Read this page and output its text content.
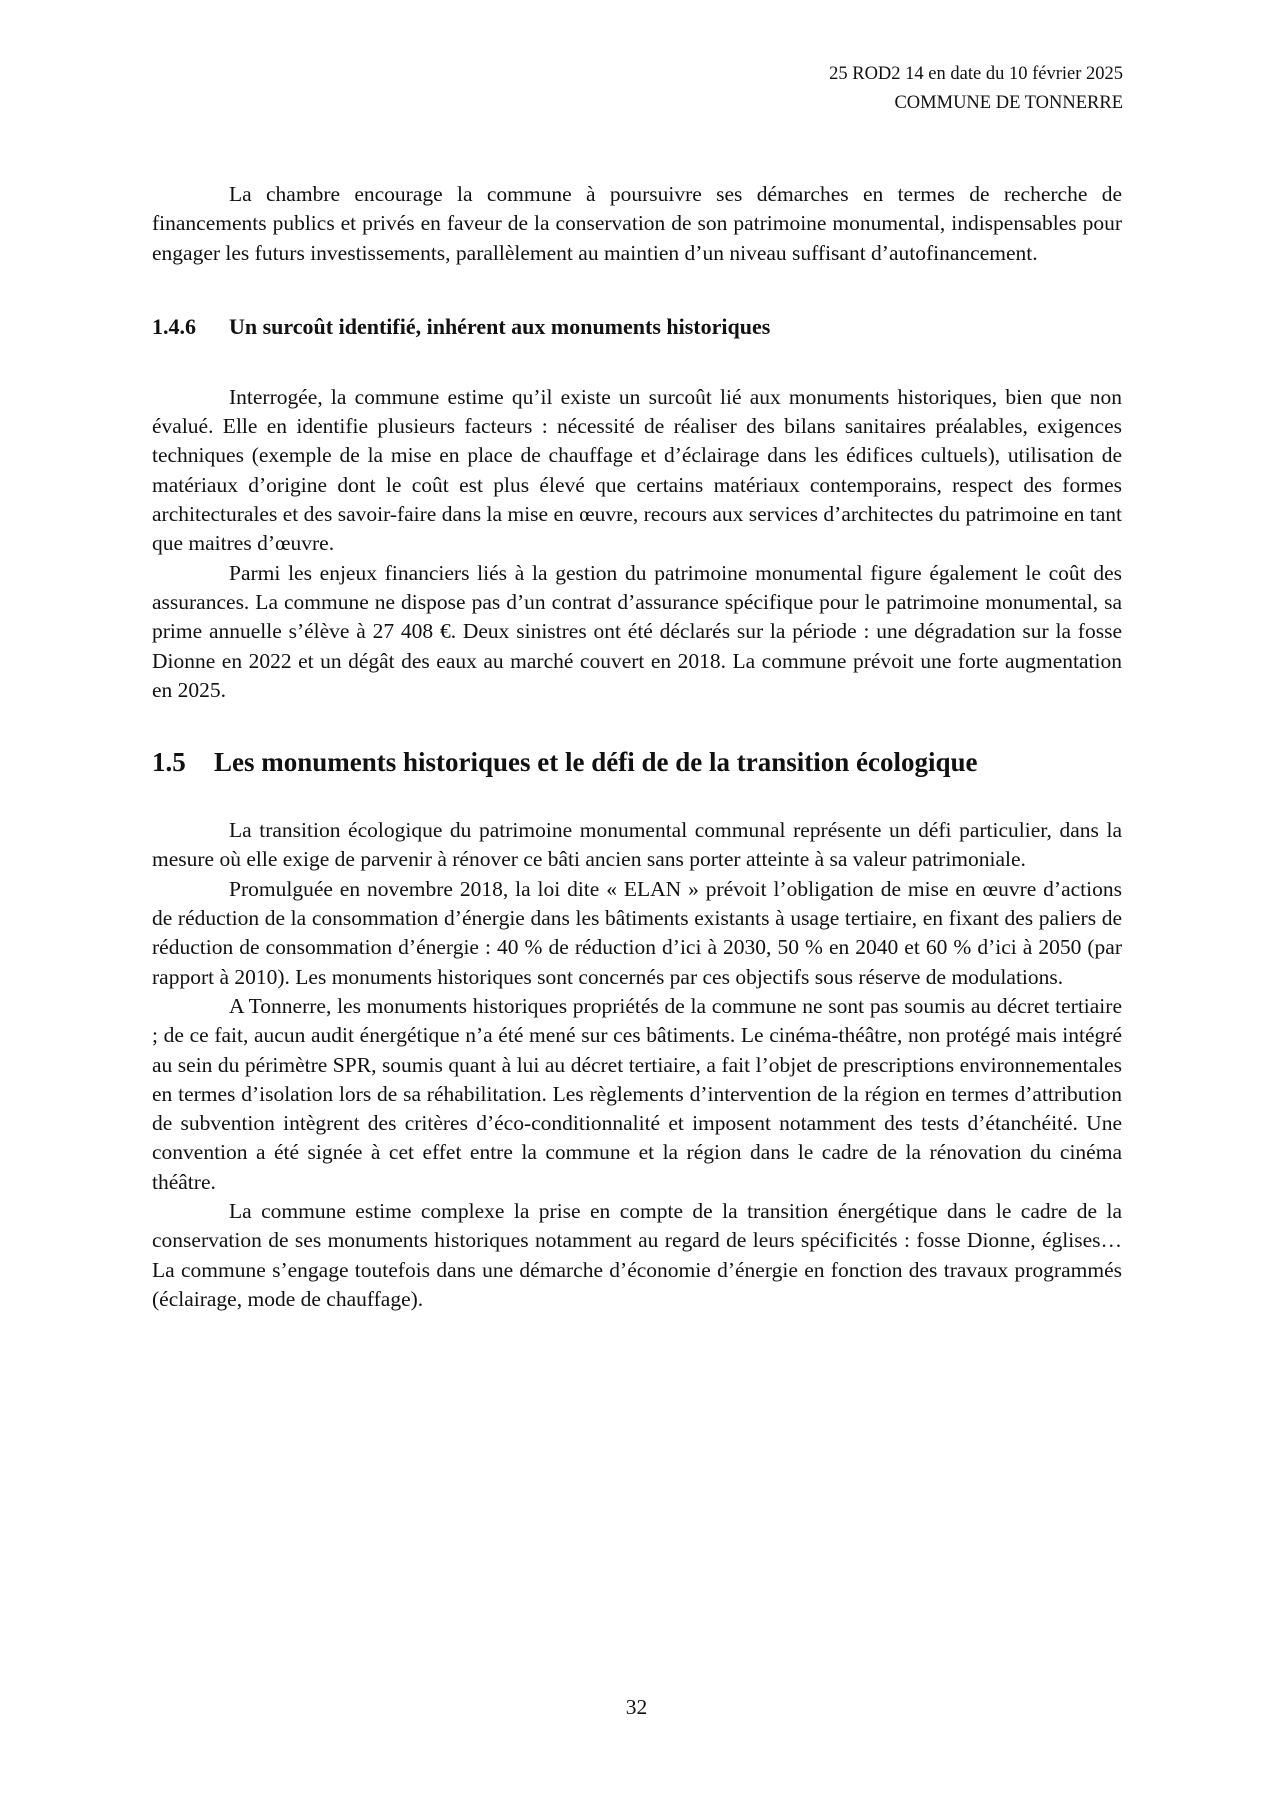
25 ROD2 14 en date du 10 février 2025
COMMUNE DE TONNERRE

La chambre encourage la commune à poursuivre ses démarches en termes de recherche de financements publics et privés en faveur de la conservation de son patrimoine monumental, indispensables pour engager les futurs investissements, parallèlement au maintien d’un niveau suffisant d’autofinancement.

1.4.6 Un surcoût identifié, inhérent aux monuments historiques

Interrogée, la commune estime qu’il existe un surcoût lié aux monuments historiques, bien que non évalué. Elle en identifie plusieurs facteurs : nécessité de réaliser des bilans sanitaires préalables, exigences techniques (exemple de la mise en place de chauffage et d’éclairage dans les édifices cultuels), utilisation de matériaux d’origine dont le coût est plus élevé que certains matériaux contemporains, respect des formes architecturales et des savoir-faire dans la mise en œuvre, recours aux services d’architectes du patrimoine en tant que maitres d’œuvre.

Parmi les enjeux financiers liés à la gestion du patrimoine monumental figure également le coût des assurances. La commune ne dispose pas d’un contrat d’assurance spécifique pour le patrimoine monumental, sa prime annuelle s’élève à 27 408 €. Deux sinistres ont été déclarés sur la période : une dégradation sur la fosse Dionne en 2022 et un dégât des eaux au marché couvert en 2018. La commune prévoit une forte augmentation en 2025.

1.5 Les monuments historiques et le défi de de la transition écologique

La transition écologique du patrimoine monumental communal représente un défi particulier, dans la mesure où elle exige de parvenir à rénover ce bâti ancien sans porter atteinte à sa valeur patrimoniale.

Promulguée en novembre 2018, la loi dite « ELAN » prévoit l’obligation de mise en œuvre d’actions de réduction de la consommation d’énergie dans les bâtiments existants à usage tertiaire, en fixant des paliers de réduction de consommation d’énergie : 40 % de réduction d’ici à 2030, 50 % en 2040 et 60 % d’ici à 2050 (par rapport à 2010). Les monuments historiques sont concernés par ces objectifs sous réserve de modulations.

A Tonnerre, les monuments historiques propriétés de la commune ne sont pas soumis au décret tertiaire ; de ce fait, aucun audit énergétique n’a été mené sur ces bâtiments. Le cinéma-théâtre, non protégé mais intégré au sein du périmètre SPR, soumis quant à lui au décret tertiaire, a fait l’objet de prescriptions environnementales en termes d’isolation lors de sa réhabilitation. Les règlements d’intervention de la région en termes d’attribution de subvention intègrent des critères d’éco-conditionnalité et imposent notamment des tests d’étanchéité. Une convention a été signée à cet effet entre la commune et la région dans le cadre de la rénovation du cinéma théâtre.

La commune estime complexe la prise en compte de la transition énergétique dans le cadre de la conservation de ses monuments historiques notamment au regard de leurs spécificités : fosse Dionne, églises… La commune s’engage toutefois dans une démarche d’économie d’énergie en fonction des travaux programmés (éclairage, mode de chauffage).

32
